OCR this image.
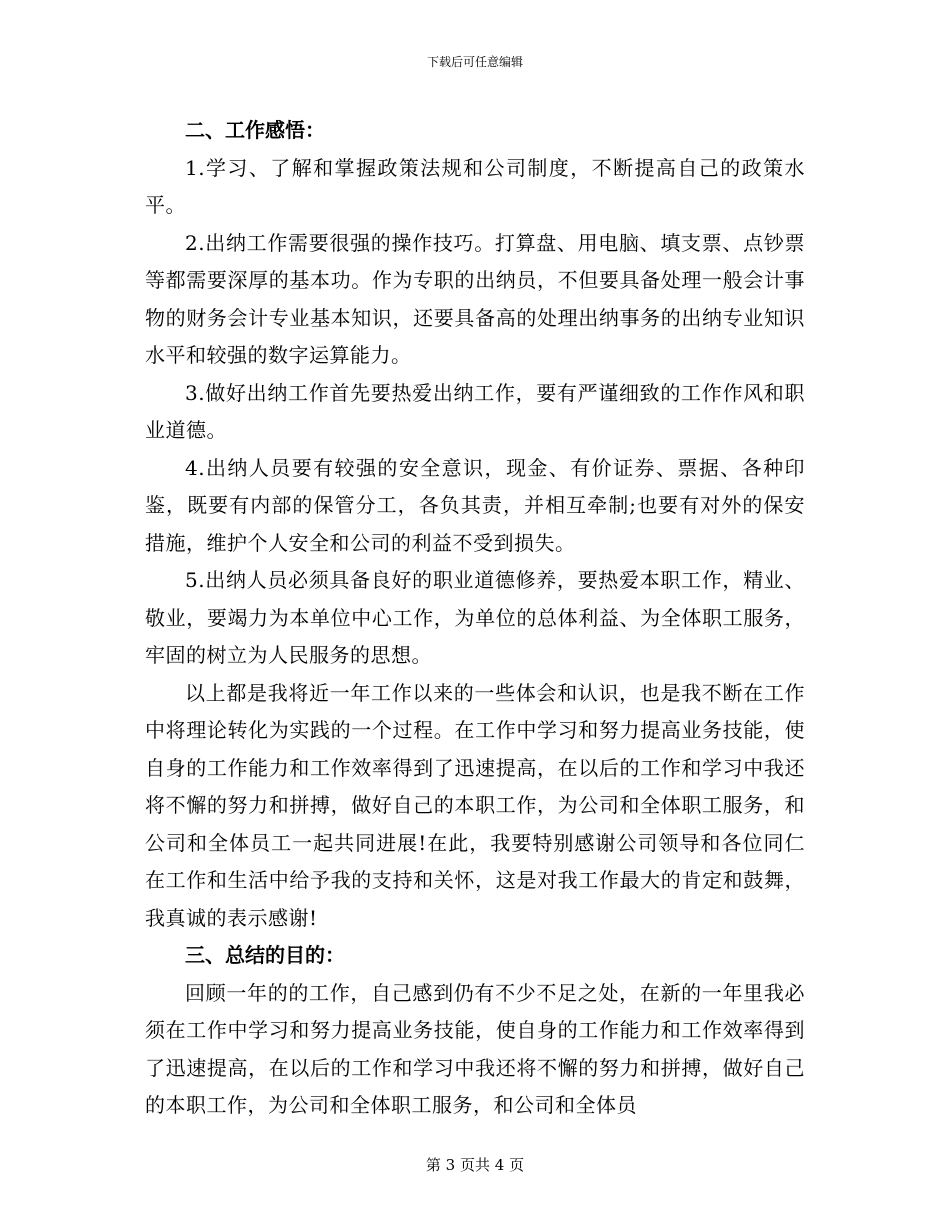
下载后可任意编辑
二、工作感悟：

1.学习、了解和掌握政策法规和公司制度，不断提高自己的政策水平。

2.出纳工作需要很强的操作技巧。打算盘、用电脑、填支票、点钞票等都需要深厚的基本功。作为专职的出纳员，不但要具备处理一般会计事物的财务会计专业基本知识，还要具备高的处理出纳事务的出纳专业知识水平和较强的数字运算能力。

3.做好出纳工作首先要热爱出纳工作，要有严谨细致的工作作风和职业道德。

4.出纳人员要有较强的安全意识，现金、有价证券、票据、各种印鉴，既要有内部的保管分工，各负其责，并相互牵制;也要有对外的保安措施，维护个人安全和公司的利益不受到损失。

5.出纳人员必须具备良好的职业道德修养，要热爱本职工作，精业、敬业，要竭力为本单位中心工作，为单位的总体利益、为全体职工服务，牢固的树立为人民服务的思想。

以上都是我将近一年工作以来的一些体会和认识，也是我不断在工作中将理论转化为实践的一个过程。在工作中学习和努力提高业务技能，使自身的工作能力和工作效率得到了迅速提高，在以后的工作和学习中我还将不懈的努力和拼搏，做好自己的本职工作，为公司和全体职工服务，和公司和全体员工一起共同进展!在此，我要特别感谢公司领导和各位同仁在工作和生活中给予我的支持和关怀，这是对我工作最大的肯定和鼓舞，我真诚的表示感谢!

三、总结的目的：

回顾一年的的工作，自己感到仍有不少不足之处，在新的一年里我必须在工作中学习和努力提高业务技能，使自身的工作能力和工作效率得到了迅速提高，在以后的工作和学习中我还将不懈的努力和拼搏，做好自己的本职工作，为公司和全体职工服务，和公司和全体员

第 3 页共 4 页
